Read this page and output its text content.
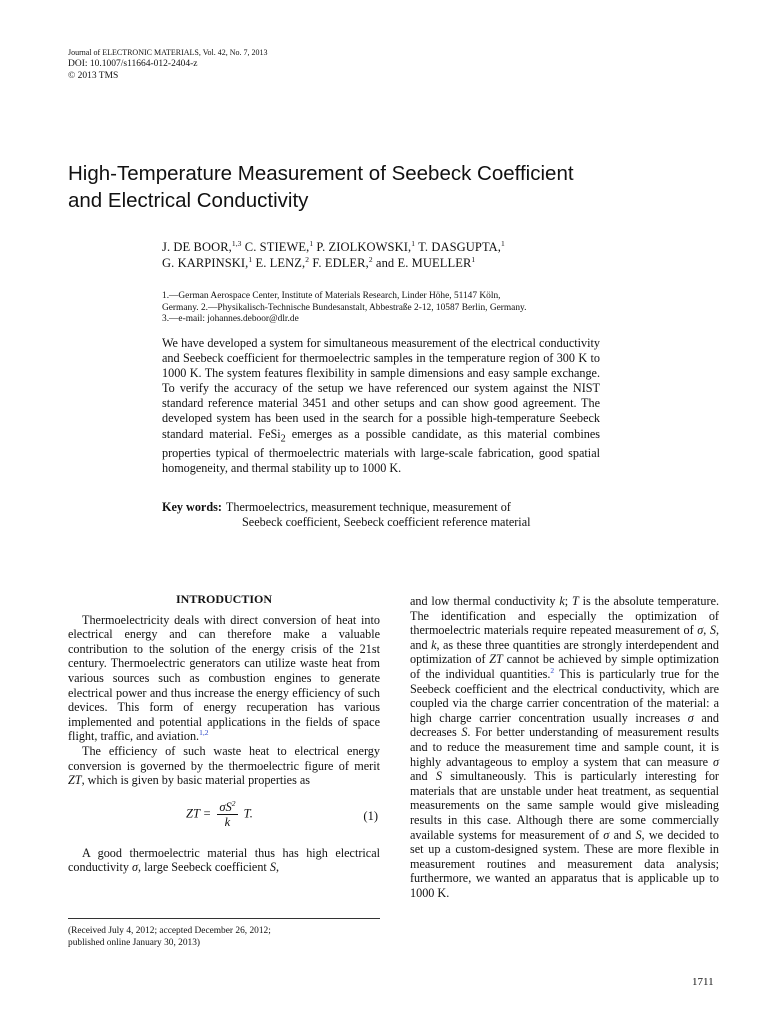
Journal of ELECTRONIC MATERIALS, Vol. 42, No. 7, 2013
DOI: 10.1007/s11664-012-2404-z
© 2013 TMS
High-Temperature Measurement of Seebeck Coefficient
and Electrical Conductivity
J. DE BOOR,$^{1,3}$ C. STIEWE,$^1$ P. ZIOLKOWSKI,$^1$ T. DASGUPTA,$^1$
G. KARPINSKI,$^1$ E. LENZ,$^2$ F. EDLER,$^2$ and E. MUELLER$^1$
1.—German Aerospace Center, Institute of Materials Research, Linder Höhe, 51147 Köln,
Germany. 2.—Physikalisch-Technische Bundesanstalt, Abbestraße 2-12, 10587 Berlin, Germany.
3.—e-mail: johannes.deboor@dlr.de
We have developed a system for simultaneous measurement of the electrical conductivity and Seebeck coefficient for thermoelectric samples in the temperature region of 300 K to 1000 K. The system features flexibility in sample dimensions and easy sample exchange. To verify the accuracy of the setup we have referenced our system against the NIST standard reference material 3451 and other setups and can show good agreement. The developed system has been used in the search for a possible high-temperature Seebeck standard material. FeSi$_2$ emerges as a possible candidate, as this material combines properties typical of thermoelectric materials with large-scale fabrication, good spatial homogeneity, and thermal stability up to 1000 K.
Key words: Thermoelectrics, measurement technique, measurement of
Seebeck coefficient, Seebeck coefficient reference material
INTRODUCTION

Thermoelectricity deals with direct conversion of heat into electrical energy and can therefore make a valuable contribution to the solution of the energy crisis of the 21st century. Thermoelectric generators can utilize waste heat from various sources such as combustion engines to generate electrical power and thus increase the energy efficiency of such devices. This form of energy recuperation has various implemented and potential applications in the fields of space flight, traffic, and aviation.$^{1,2}$

The efficiency of such waste heat to electrical energy conversion is governed by the thermoelectric figure of merit ZT, which is given by basic material properties as

ZT = $\frac{\sigma S^2}{k} T$.	(1)

A good thermoelectric material thus has high electrical conductivity σ, large Seebeck coefficient S,

and low thermal conductivity k; T is the absolute temperature. The identification and especially the optimization of thermoelectric materials require repeated measurement of σ, S, and k, as these three quantities are strongly interdependent and optimization of ZT cannot be achieved by simple optimization of the individual quantities.$^2$ This is particularly true for the Seebeck coefficient and the electrical conductivity, which are coupled via the charge carrier concentration of the material: a high charge carrier concentration usually increases σ and decreases S. For better understanding of measurement results and to reduce the measurement time and sample count, it is highly advantageous to employ a system that can measure σ and S simultaneously. This is particularly interesting for materials that are unstable under heat treatment, as sequential measurements on the same sample would give misleading results in this case. Although there are some commercially available systems for measurement of σ and S, we decided to set up a custom-designed system. These are more flexible in measurement routines and measurement data analysis; furthermore, we wanted an apparatus that is applicable up to 1000 K.

(Received July 4, 2012; accepted December 26, 2012;
published online January 30, 2013)
1711
